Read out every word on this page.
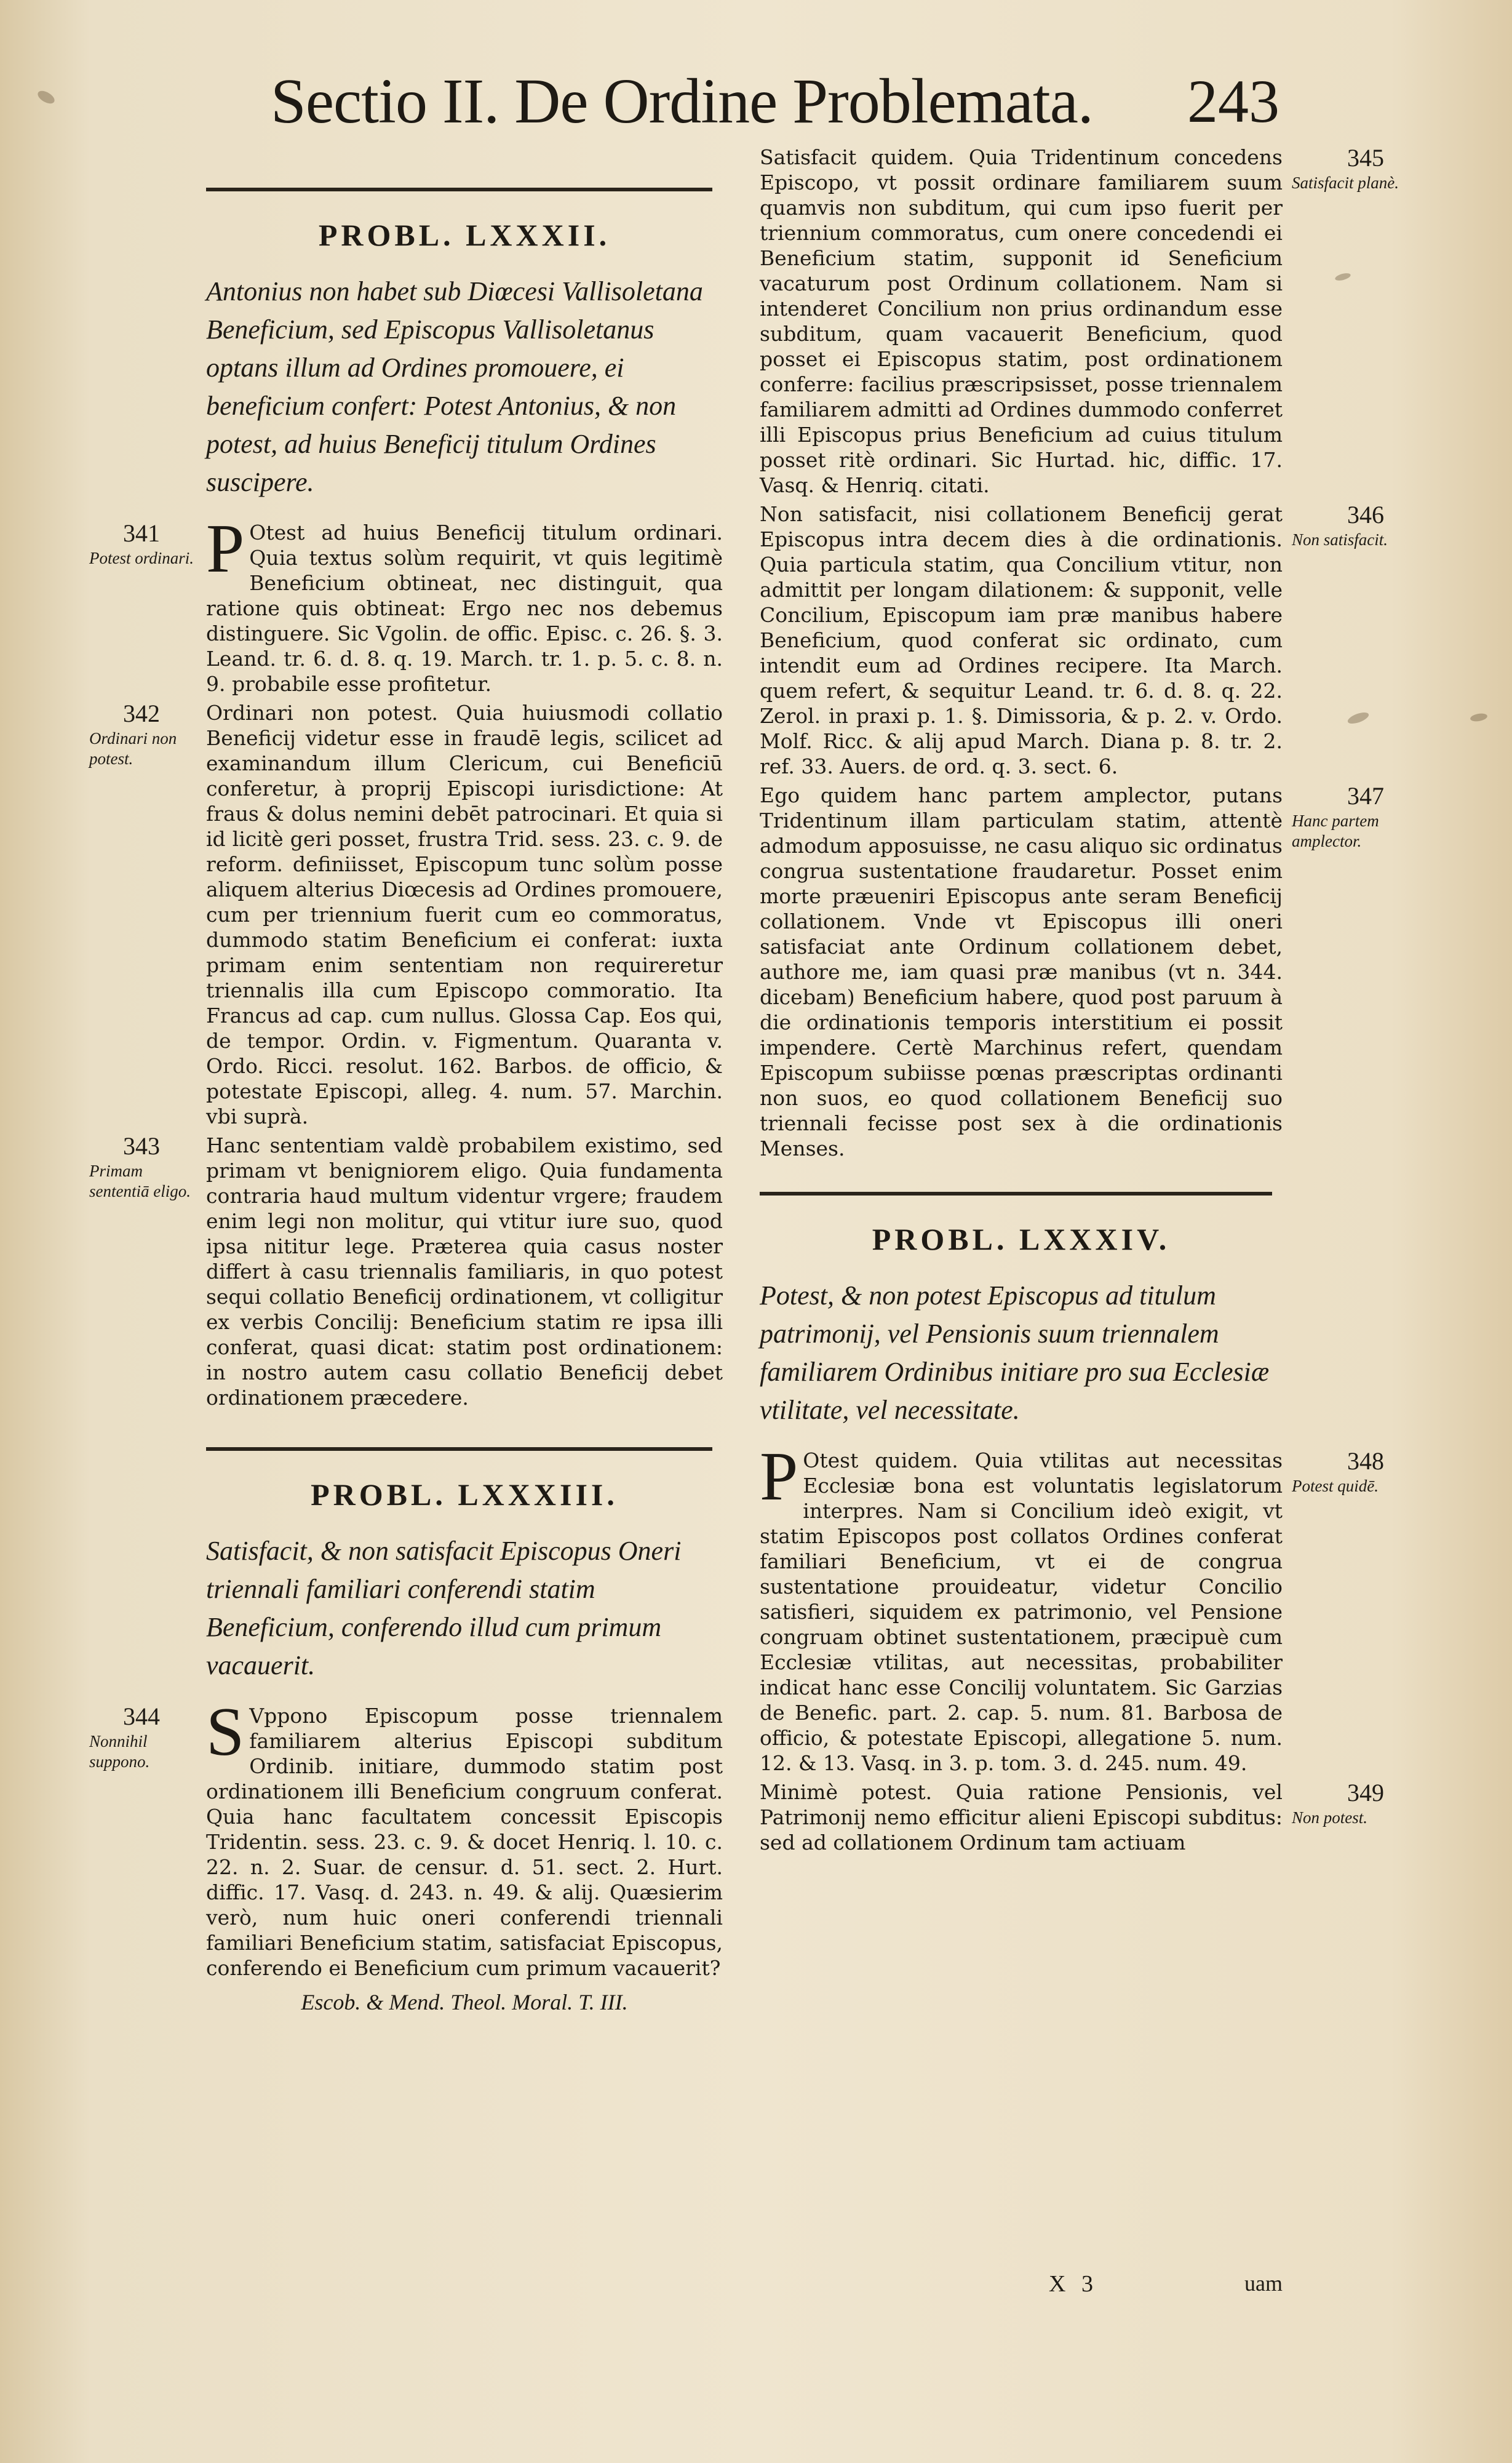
Sectio II. De Ordine Problemata. 243
PROBL. LXXXII.

Antonius non habet sub Diœcesi Vallisoletana Beneficium, sed Episcopus Vallisoletanus optans illum ad Ordines promouere, ei beneficium confert: Potest Antonius, & non potest, ad huius Beneficij titulum Ordines suscipere.

341
Potest ordinari. P Otest ad huius Beneficij titulum ordinari. Quia textus solùm requirit, vt quis legitimè Beneficium obtineat, nec distinguit, qua ratione quis obtineat: Ergo nec nos debemus distinguere. Sic Vgolin. de offic. Episc. c. 26. §. 3. Leand. tr. 6. d. 8. q. 19. March. tr. 1. p. 5. c. 8. n. 9. probabile esse profitetur.
342
Ordinari non potest.
Ordinari non potest. Quia huiusmodi collatio Beneficij videtur esse in fraudē legis, scilicet ad examinandum illum Clericum, cui Beneficiū conferetur, à proprij Episcopi iurisdictione: At fraus & dolus nemini debēt patrocinari. Et quia si id licitè geri posset, frustra Trid. sess. 23. c. 9. de reform. definiisset, Episcopum tunc solùm posse aliquem alterius Diœcesis ad Ordines promouere, cum per triennium fuerit cum eo commoratus, dummodo statim Beneficium ei conferat: iuxta primam enim sententiam non requireretur triennalis illa cum Episcopo commoratio. Ita Francus ad cap. cum nullus. Glossa Cap. Eos qui, de tempor. Ordin. v. Figmentum. Quaranta v. Ordo. Ricci. resolut. 162. Barbos. de officio, & potestate Episcopi, alleg. 4. num. 57. Marchin. vbi suprà.
343
Primam sententiā eligo.
Hanc sententiam valdè probabilem existimo, sed primam vt benigniorem eligo. Quia fundamenta contraria haud multum videntur vrgere; fraudem enim legi non molitur, qui vtitur iure suo, quod ipsa nititur lege. Præterea quia casus noster differt à casu triennalis familiaris, in quo potest sequi collatio Beneficij ordinationem, vt colligitur ex verbis Concilij: Beneficium statim re ipsa illi conferat, quasi dicat: statim post ordinationem: in nostro autem casu collatio Beneficij debet ordinationem præcedere.
PROBL. LXXXIII.

Satisfacit, & non satisfacit Episcopus Oneri triennali familiari conferendi statim Beneficium, conferendo illud cum primum vacauerit.

344
Nonnihil suppono. S Vppono Episcopum posse triennalem familiarem alterius Episcopi subditum Ordinib. initiare, dummodo statim post ordinationem illi Beneficium congruum conferat. Quia hanc facultatem concessit Episcopis Tridentin. sess. 23. c. 9. & docet Henriq. l. 10. c. 22. n. 2. Suar. de censur. d. 51. sect. 2. Hurt. diffic. 17. Vasq. d. 243. n. 49. & alij. Quæsierim verò, num huic oneri conferendi triennali familiari Beneficium statim, satisfaciat Episcopus, conferendo ei Beneficium cum primum vacauerit?
Escob. & Mend. Theol. Moral. T. III.
345
Satisfacit planè.
Satisfacit quidem. Quia Tridentinum concedens Episcopo, vt possit ordinare familiarem suum quamvis non subditum, qui cum ipso fuerit per triennium commoratus, cum onere concedendi ei Beneficium statim, supponit id Seneficium vacaturum post Ordinum collationem. Nam si intenderet Concilium non prius ordinandum esse subditum, quam vacauerit Beneficium, quod posset ei Episcopus statim, post ordinationem conferre: facilius præscripsisset, posse triennalem familiarem admitti ad Ordines dummodo conferret illi Episcopus prius Beneficium ad cuius titulum posset ritè ordinari. Sic Hurtad. hic, diffic. 17. Vasq. & Henriq. citati.
346
Non satisfacit.
Non satisfacit, nisi collationem Beneficij gerat Episcopus intra decem dies à die ordinationis. Quia particula statim, qua Concilium vtitur, non admittit per longam dilationem: & supponit, velle Concilium, Episcopum iam præ manibus habere Beneficium, quod conferat sic ordinato, cum intendit eum ad Ordines recipere. Ita March. quem refert, & sequitur Leand. tr. 6. d. 8. q. 22. Zerol. in praxi p. 1. §. Dimissoria, & p. 2. v. Ordo. Molf. Ricc. & alij apud March. Diana p. 8. tr. 2. ref. 33. Auers. de ord. q. 3. sect. 6.
347
Hanc partem amplector.
Ego quidem hanc partem amplector, putans Tridentinum illam particulam statim, attentè admodum apposuisse, ne casu aliquo sic ordinatus congrua sustentatione fraudaretur. Posset enim morte præueniri Episcopus ante seram Beneficij collationem. Vnde vt Episcopus illi oneri satisfaciat ante Ordinum collationem debet, authore me, iam quasi præ manibus (vt n. 344. dicebam) Beneficium habere, quod post paruum à die ordinationis temporis interstitium ei possit impendere. Certè Marchinus refert, quendam Episcopum subiisse pœnas præscriptas ordinanti non suos, eo quod collationem Beneficij suo triennali fecisse post sex à die ordinationis Menses.
PROBL. LXXXIV.

Potest, & non potest Episcopus ad titulum patrimonij, vel Pensionis suum triennalem familiarem Ordinibus initiare pro sua Ecclesiæ vtilitate, vel necessitate.

348
Potest quidē.
P Otest quidem. Quia vtilitas aut necessitas Ecclesiæ bona est voluntatis legislatorum interpres. Nam si Concilium ideò exigit, vt statim Episcopos post collatos Ordines conferat familiari Beneficium, vt ei de congrua sustentatione prouideatur, videtur Concilio satisfieri, siquidem ex patrimonio, vel Pensione congruam obtinet sustentationem, præcipuè cum Ecclesiæ vtilitas, aut necessitas, probabiliter indicat hanc esse Concilij voluntatem. Sic Garzias de Benefic. part. 2. cap. 5. num. 81. Barbosa de officio, & potestate Episcopi, allegatione 5. num. 12. & 13. Vasq. in 3. p. tom. 3. d. 245. num. 49.
349
Non potest.
Minimè potest. Quia ratione Pensionis, vel Patrimonij nemo efficitur alieni Episcopi subditus: sed ad collationem Ordinum tam actiuam
X 3	uam
